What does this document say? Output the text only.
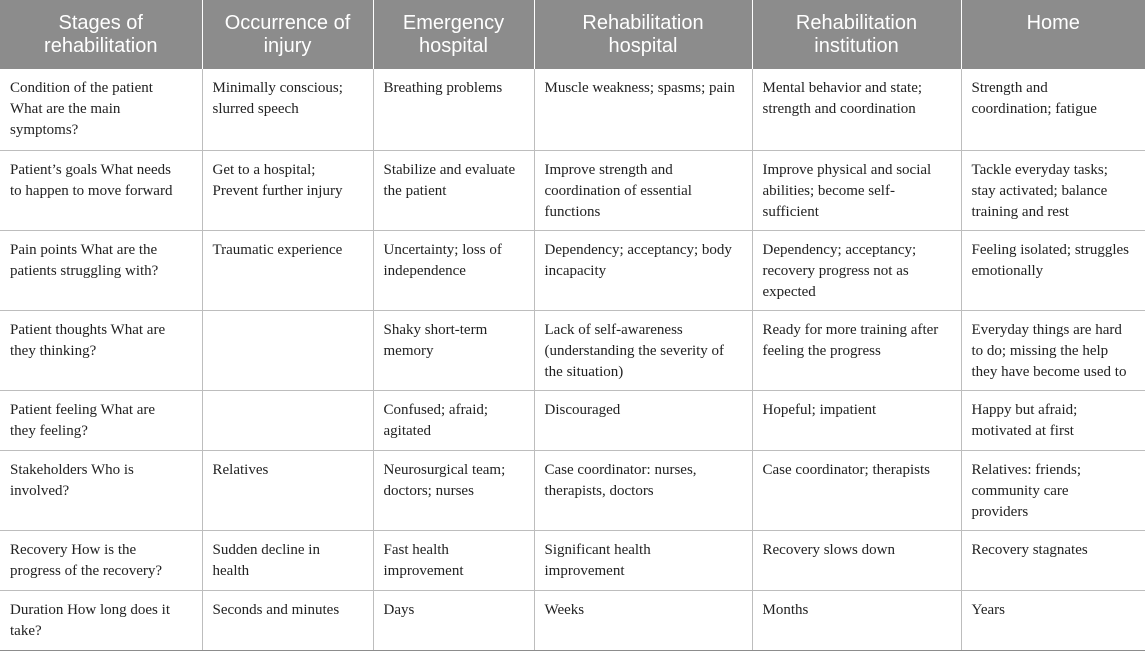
Stages of
rehabilitation	Occurrence of
injury	Emergency
hospital	Rehabilitation
hospital	Rehabilitation
institution	Home
Condition of the patient
What are the main
symptoms?	Minimally conscious;
slurred speech	Breathing problems	Muscle weakness; spasms; pain	Mental behavior and state;
strength and coordination	Strength and
coordination; fatigue
Patient’s goals What needs
to happen to move forward	Get to a hospital;
Prevent further injury	Stabilize and evaluate
the patient	Improve strength and
coordination of essential
functions	Improve physical and social
abilities; become self-
sufficient	Tackle everyday tasks;
stay activated; balance
training and rest
Pain points What are the
patients struggling with?	Traumatic experience	Uncertainty; loss of
independence	Dependency; acceptancy; body
incapacity	Dependency; acceptancy;
recovery progress not as
expected	Feeling isolated; struggles
emotionally
Patient thoughts What are
they thinking?		Shaky short-term
memory	Lack of self-awareness
(understanding the severity of
the situation)	Ready for more training after
feeling the progress	Everyday things are hard
to do; missing the help
they have become used to
Patient feeling What are
they feeling?		Confused; afraid;
agitated	Discouraged	Hopeful; impatient	Happy but afraid;
motivated at first
Stakeholders Who is
involved?	Relatives	Neurosurgical team;
doctors; nurses	Case coordinator: nurses,
therapists, doctors	Case coordinator; therapists	Relatives: friends;
community care
providers
Recovery How is the
progress of the recovery?	Sudden decline in
health	Fast health
improvement	Significant health
improvement	Recovery slows down	Recovery stagnates
Duration How long does it
take?	Seconds and minutes	Days	Weeks	Months	Years
